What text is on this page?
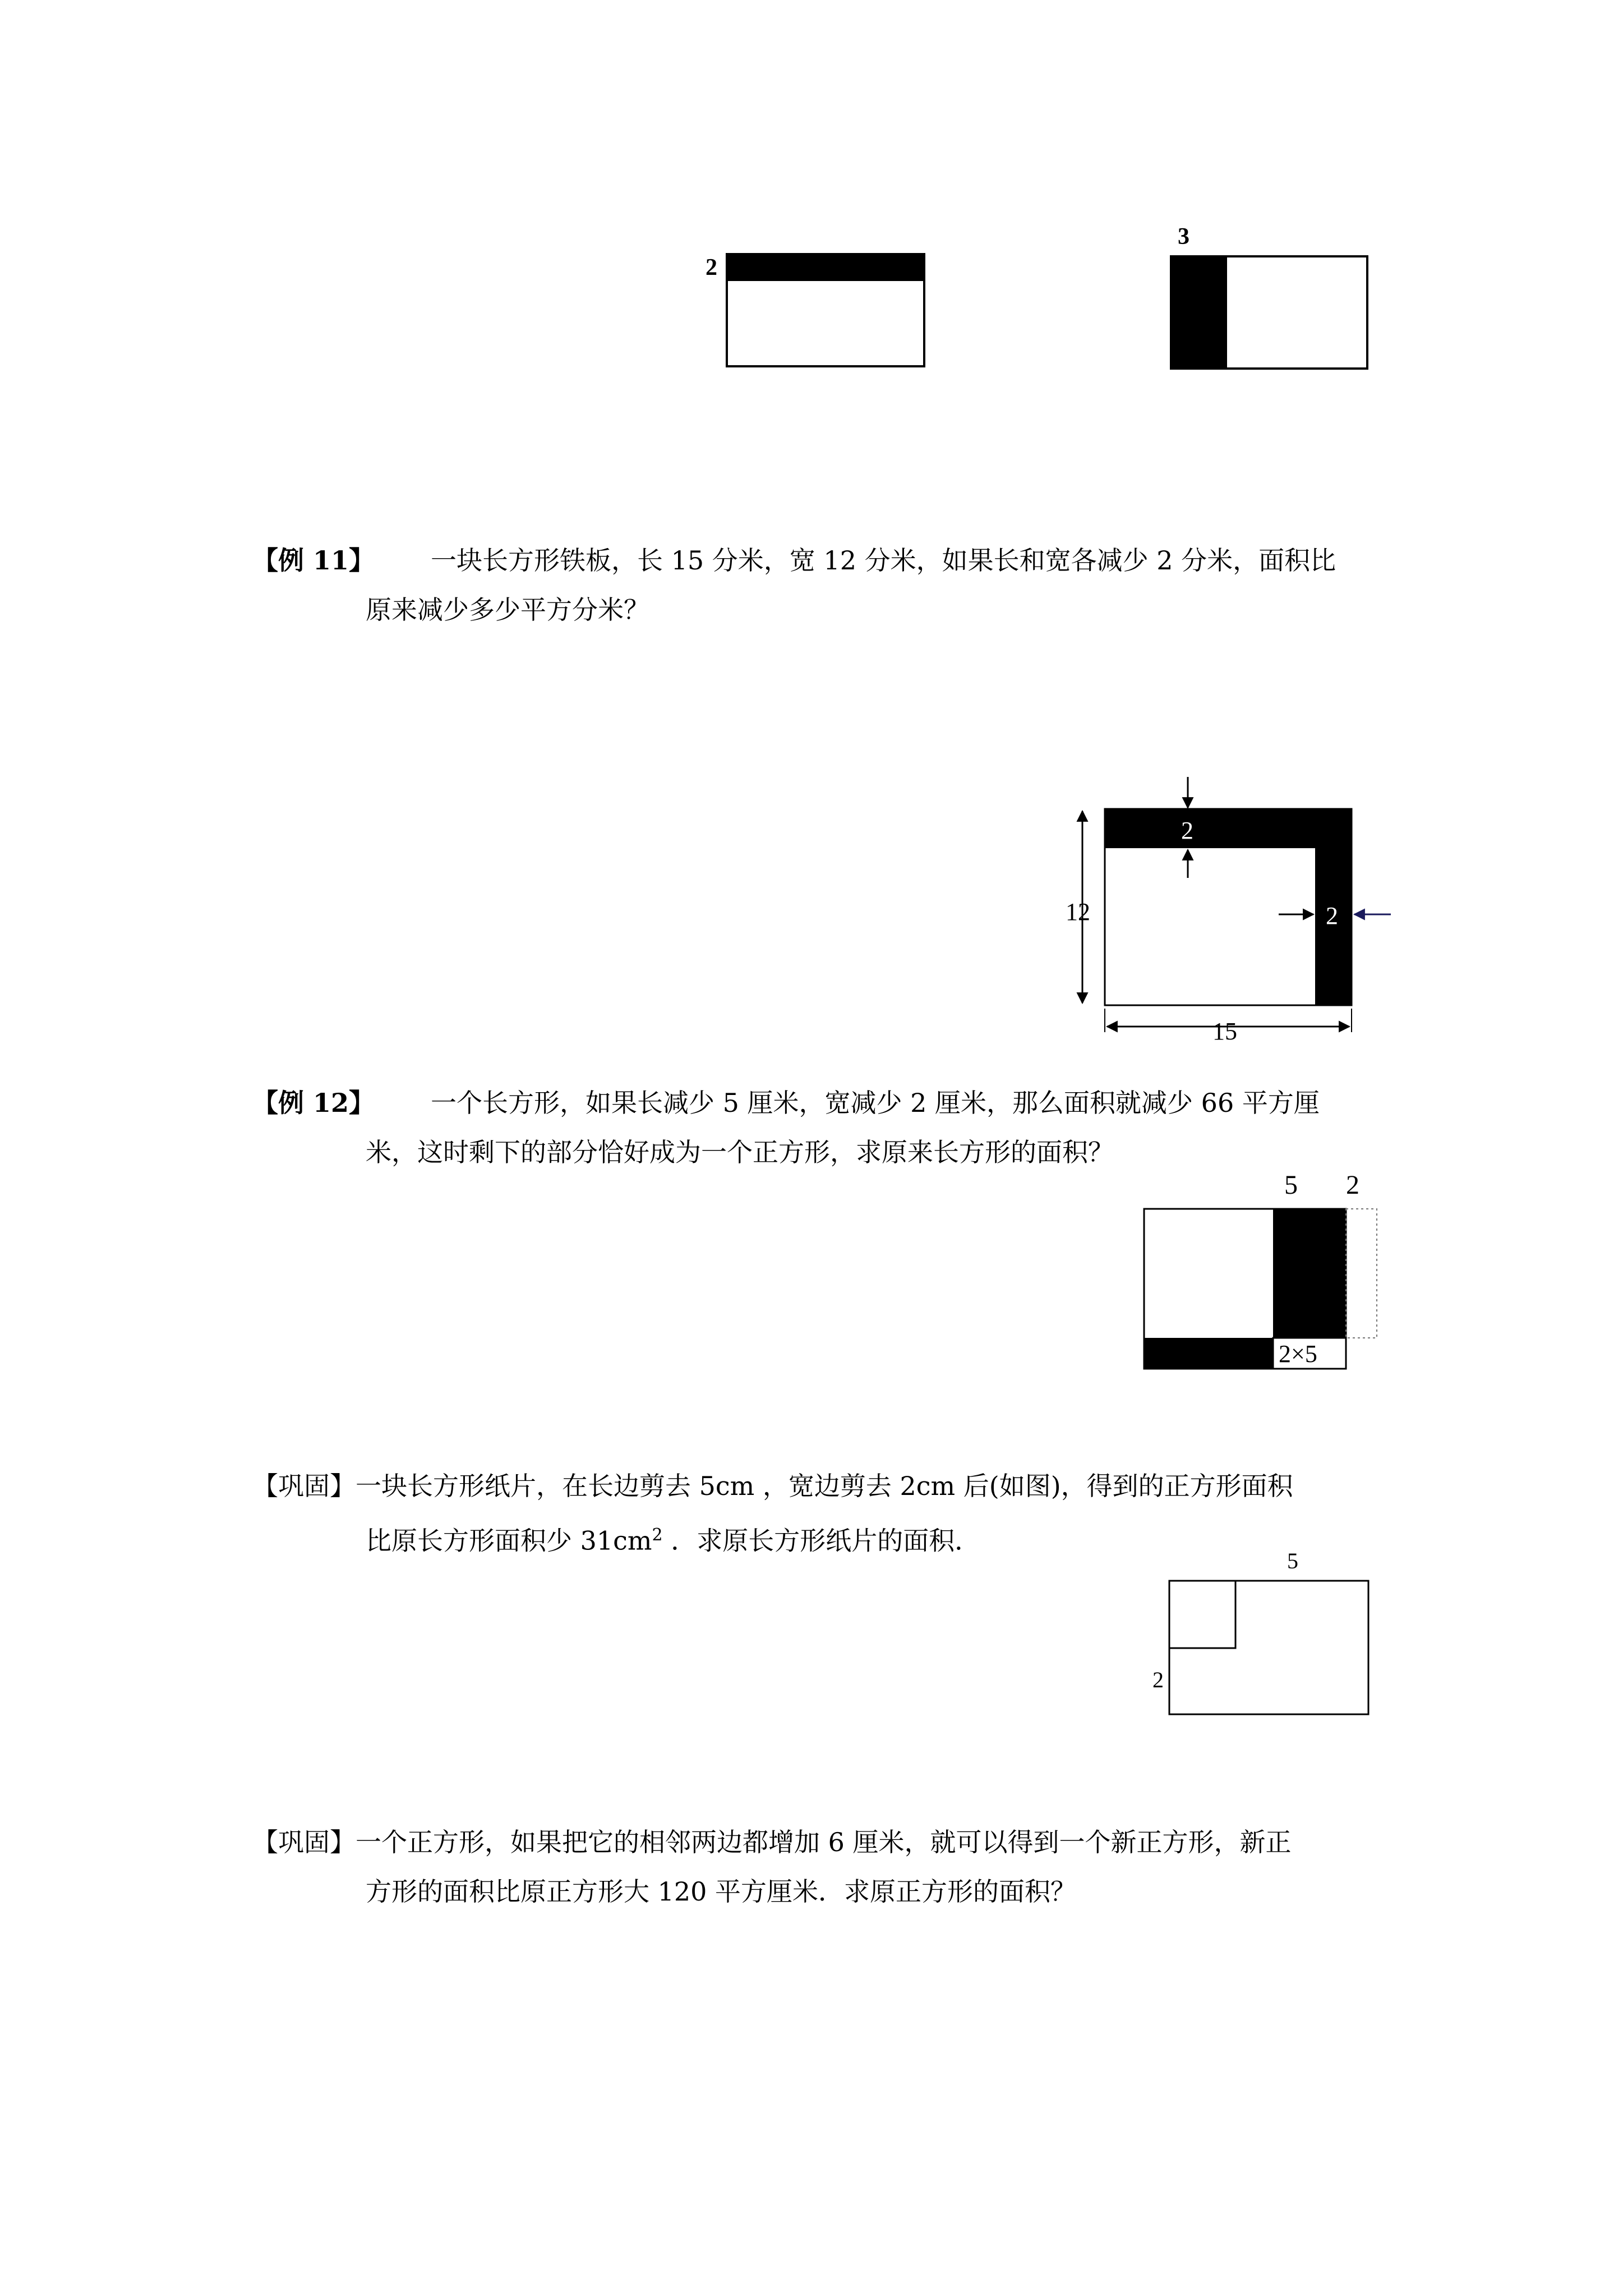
2
3
【例 11】 一块长方形铁板，长 15 分米，宽 12 分米，如果长和宽各减少 2 分米，面积比
原来减少多少平方分米？
2
2
12
15
【例 12】 一个长方形，如果长减少 5 厘米，宽减少 2 厘米，那么面积就减少 66 平方厘
米，这时剩下的部分恰好成为一个正方形，求原来长方形的面积？
5 2
2×5
【巩固】一块长方形纸片，在长边剪去 5cm ，宽边剪去 2cm 后(如图)，得到的正方形面积
比原长方形面积少 $31cm^2$ ．求原长方形纸片的面积．
5
2
【巩固】一个正方形，如果把它的相邻两边都增加 6 厘米，就可以得到一个新正方形，新正
方形的面积比原正方形大 120 平方厘米．求原正方形的面积？
